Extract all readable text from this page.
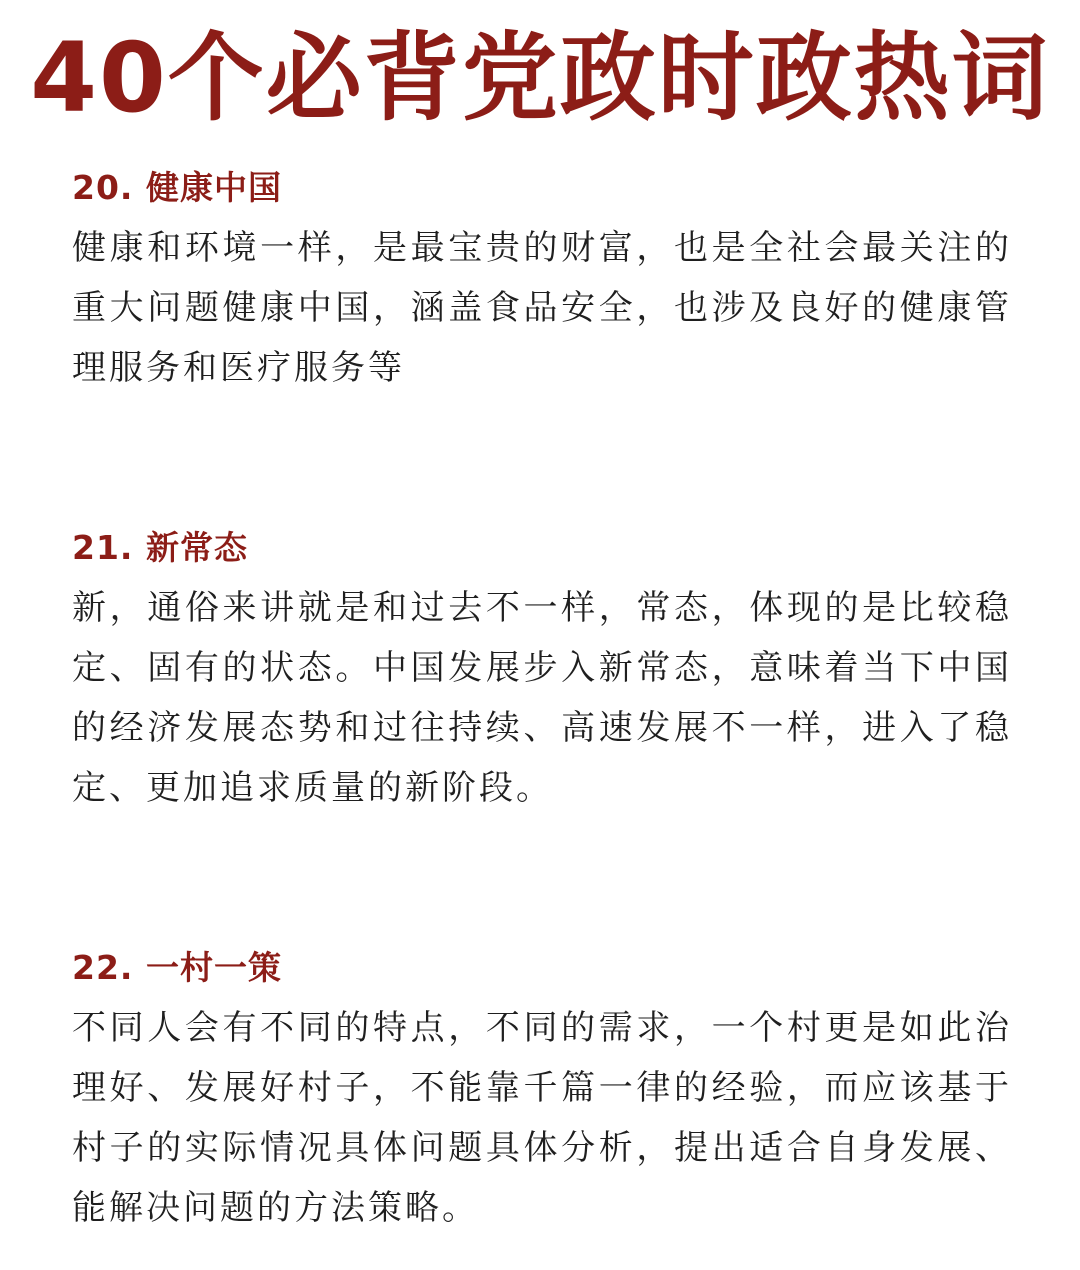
40个必背党政时政热词
20. 健康中国
健康和环境一样，是最宝贵的财富，也是全社会最关注的重大问题健康中国，涵盖食品安全，也涉及良好的健康管理服务和医疗服务等
21. 新常态
新，通俗来讲就是和过去不一样，常态，体现的是比较稳定、固有的状态。中国发展步入新常态，意味着当下中国的经济发展态势和过往持续、高速发展不一样，进入了稳定、更加追求质量的新阶段。
22. 一村一策
不同人会有不同的特点，不同的需求，一个村更是如此治理好、发展好村子，不能靠千篇一律的经验，而应该基于村子的实际情况具体问题具体分析，提出适合自身发展、能解决问题的方法策略。
